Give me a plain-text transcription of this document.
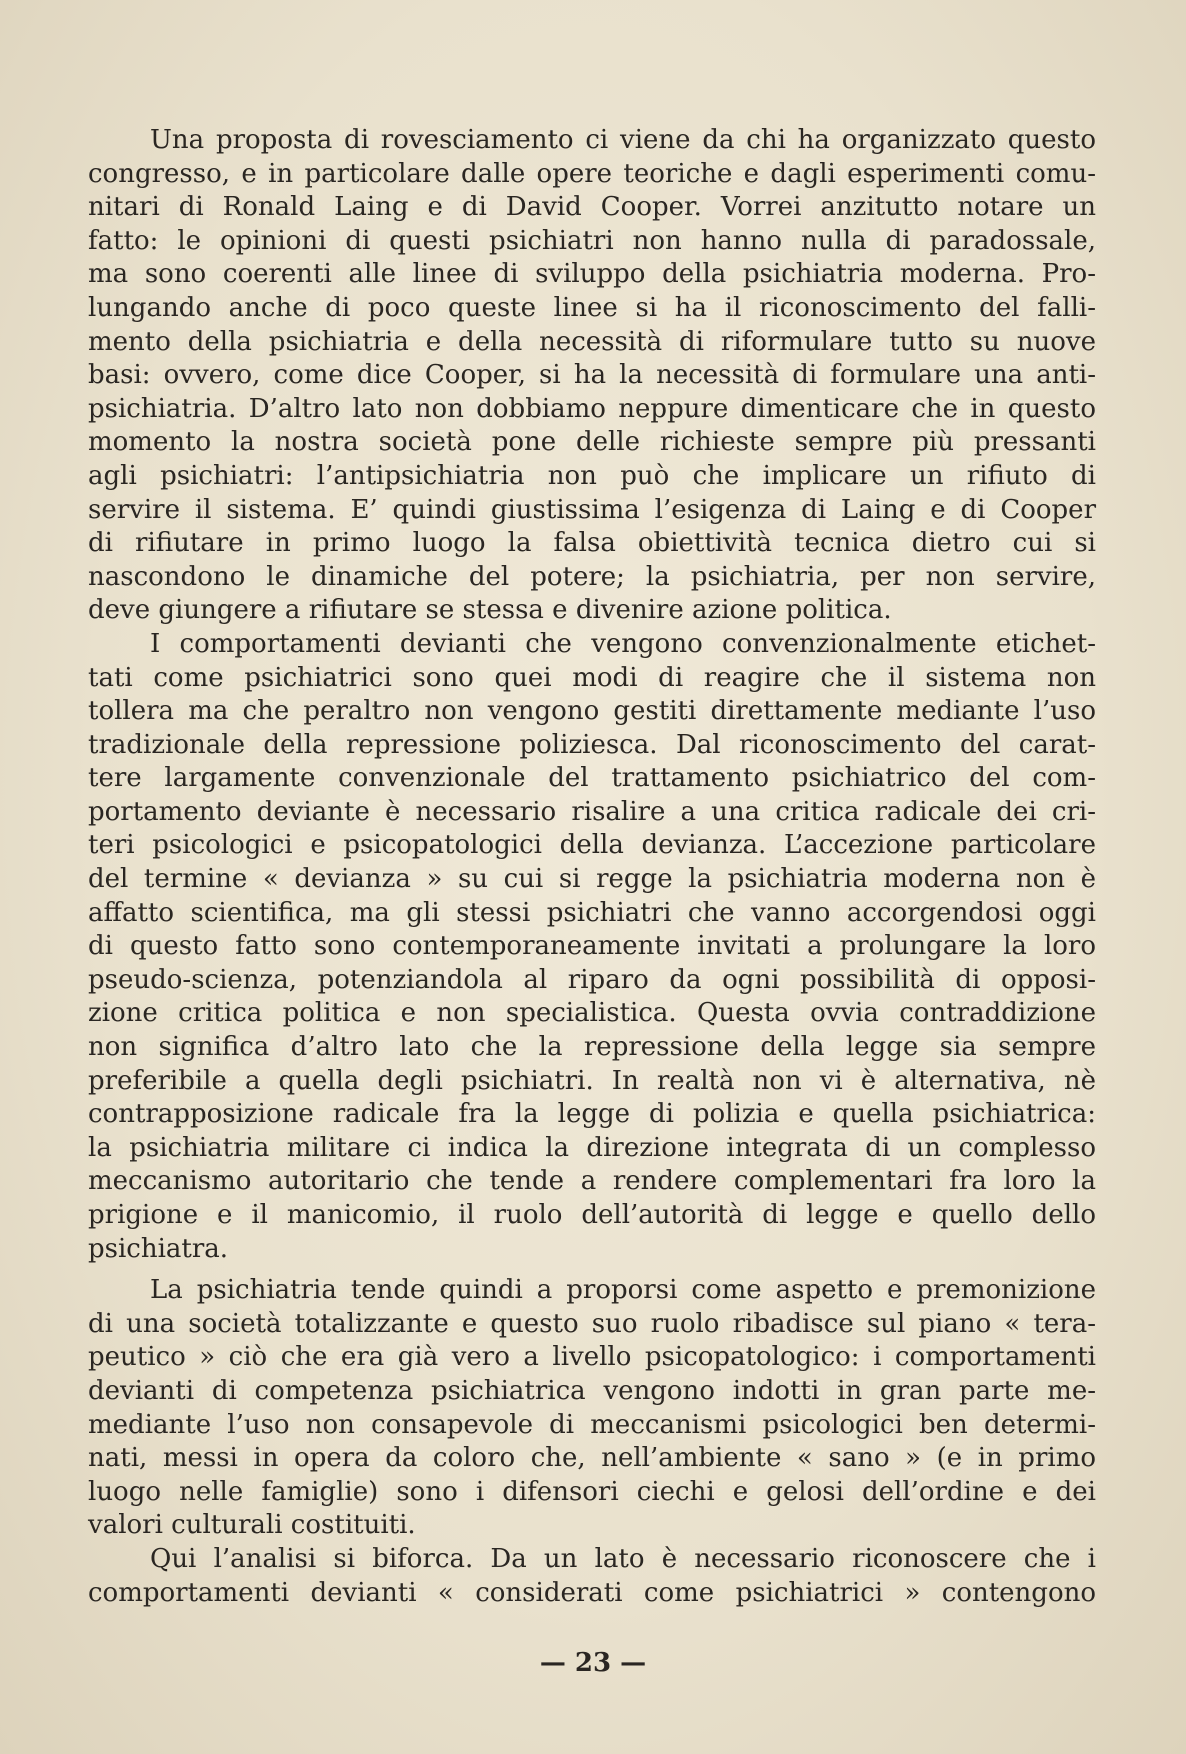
Una proposta di rovesciamento ci viene da chi ha organizzato questo

congresso, e in particolare dalle opere teoriche e dagli esperimenti comu-

nitari di Ronald Laing e di David Cooper. Vorrei anzitutto notare un

fatto: le opinioni di questi psichiatri non hanno nulla di paradossale,

ma sono coerenti alle linee di sviluppo della psichiatria moderna. Pro-

lungando anche di poco queste linee si ha il riconoscimento del falli-

mento della psichiatria e della necessità di riformulare tutto su nuove

basi: ovvero, come dice Cooper, si ha la necessità di formulare una anti-

psichiatria. D’altro lato non dobbiamo neppure dimenticare che in questo

momento la nostra società pone delle richieste sempre più pressanti

agli psichiatri: l’antipsichiatria non può che implicare un rifiuto di

servire il sistema. E’ quindi giustissima l’esigenza di Laing e di Cooper

di rifiutare in primo luogo la falsa obiettività tecnica dietro cui si

nascondono le dinamiche del potere; la psichiatria, per non servire,

deve giungere a rifiutare se stessa e divenire azione politica.

I comportamenti devianti che vengono convenzionalmente etichet-

tati come psichiatrici sono quei modi di reagire che il sistema non

tollera ma che peraltro non vengono gestiti direttamente mediante l’uso

tradizionale della repressione poliziesca. Dal riconoscimento del carat-

tere largamente convenzionale del trattamento psichiatrico del com-

portamento deviante è necessario risalire a una critica radicale dei cri-

teri psicologici e psicopatologici della devianza. L’accezione particolare

del termine « devianza » su cui si regge la psichiatria moderna non è

affatto scientifica, ma gli stessi psichiatri che vanno accorgendosi oggi

di questo fatto sono contemporaneamente invitati a prolungare la loro

pseudo-scienza, potenziandola al riparo da ogni possibilità di opposi-

zione critica politica e non specialistica. Questa ovvia contraddizione

non significa d’altro lato che la repressione della legge sia sempre

preferibile a quella degli psichiatri. In realtà non vi è alternativa, nè

contrapposizione radicale fra la legge di polizia e quella psichiatrica:

la psichiatria militare ci indica la direzione integrata di un complesso

meccanismo autoritario che tende a rendere complementari fra loro la

prigione e il manicomio, il ruolo dell’autorità di legge e quello dello

psichiatra.

La psichiatria tende quindi a proporsi come aspetto e premonizione

di una società totalizzante e questo suo ruolo ribadisce sul piano « tera-

peutico » ciò che era già vero a livello psicopatologico: i comportamenti

devianti di competenza psichiatrica vengono indotti in gran parte me-

mediante l’uso non consapevole di meccanismi psicologici ben determi-

nati, messi in opera da coloro che, nell’ambiente « sano » (e in primo

luogo nelle famiglie) sono i difensori ciechi e gelosi dell’ordine e dei

valori culturali costituiti.

Qui l’analisi si biforca. Da un lato è necessario riconoscere che i

comportamenti devianti « considerati come psichiatrici » contengono

— 23 —
